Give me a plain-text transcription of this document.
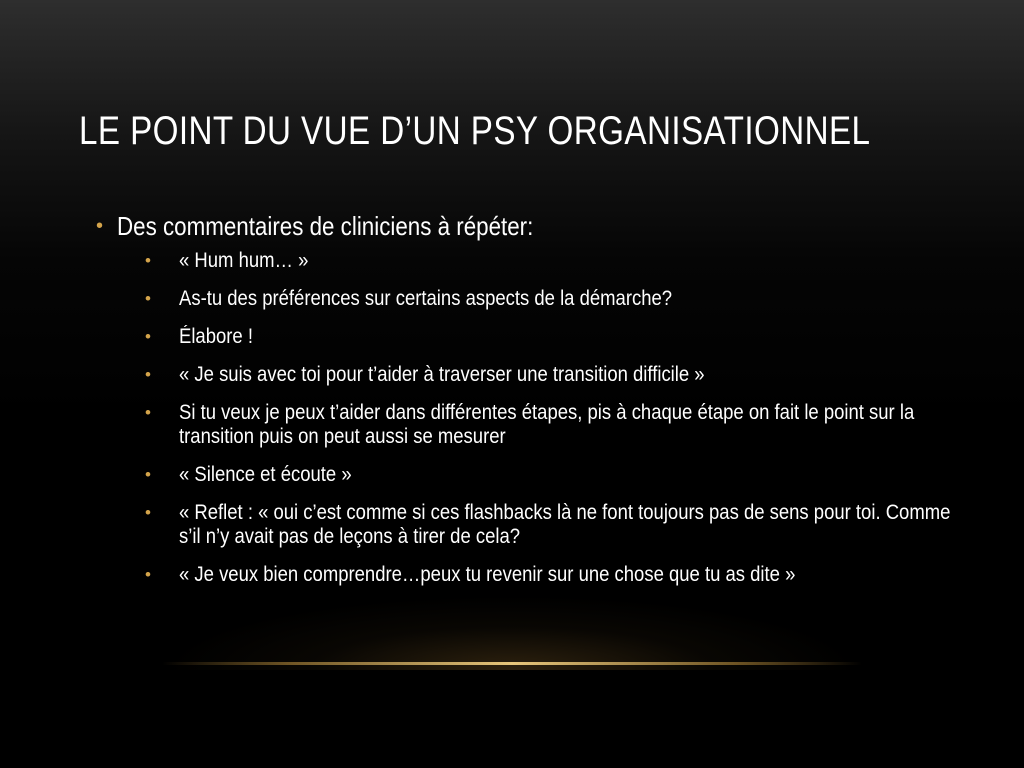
LE POINT DU VUE D’UN PSY ORGANISATIONNEL
• Des commentaires de cliniciens à répéter:
• « Hum hum… »
• As-tu des préférences sur certains aspects de la démarche?
• Élabore !
• « Je suis avec toi pour t’aider à traverser une transition difficile »
• Si tu veux je peux t’aider dans différentes étapes, pis à chaque étape on fait le point sur la transition puis on peut aussi se mesurer
• « Silence et écoute »
• « Reflet : « oui c’est comme si ces flashbacks là ne font toujours pas de sens pour toi. Comme s’il n’y avait pas de leçons à tirer de cela?
• « Je veux bien comprendre…peux tu revenir sur une chose que tu as dite »
